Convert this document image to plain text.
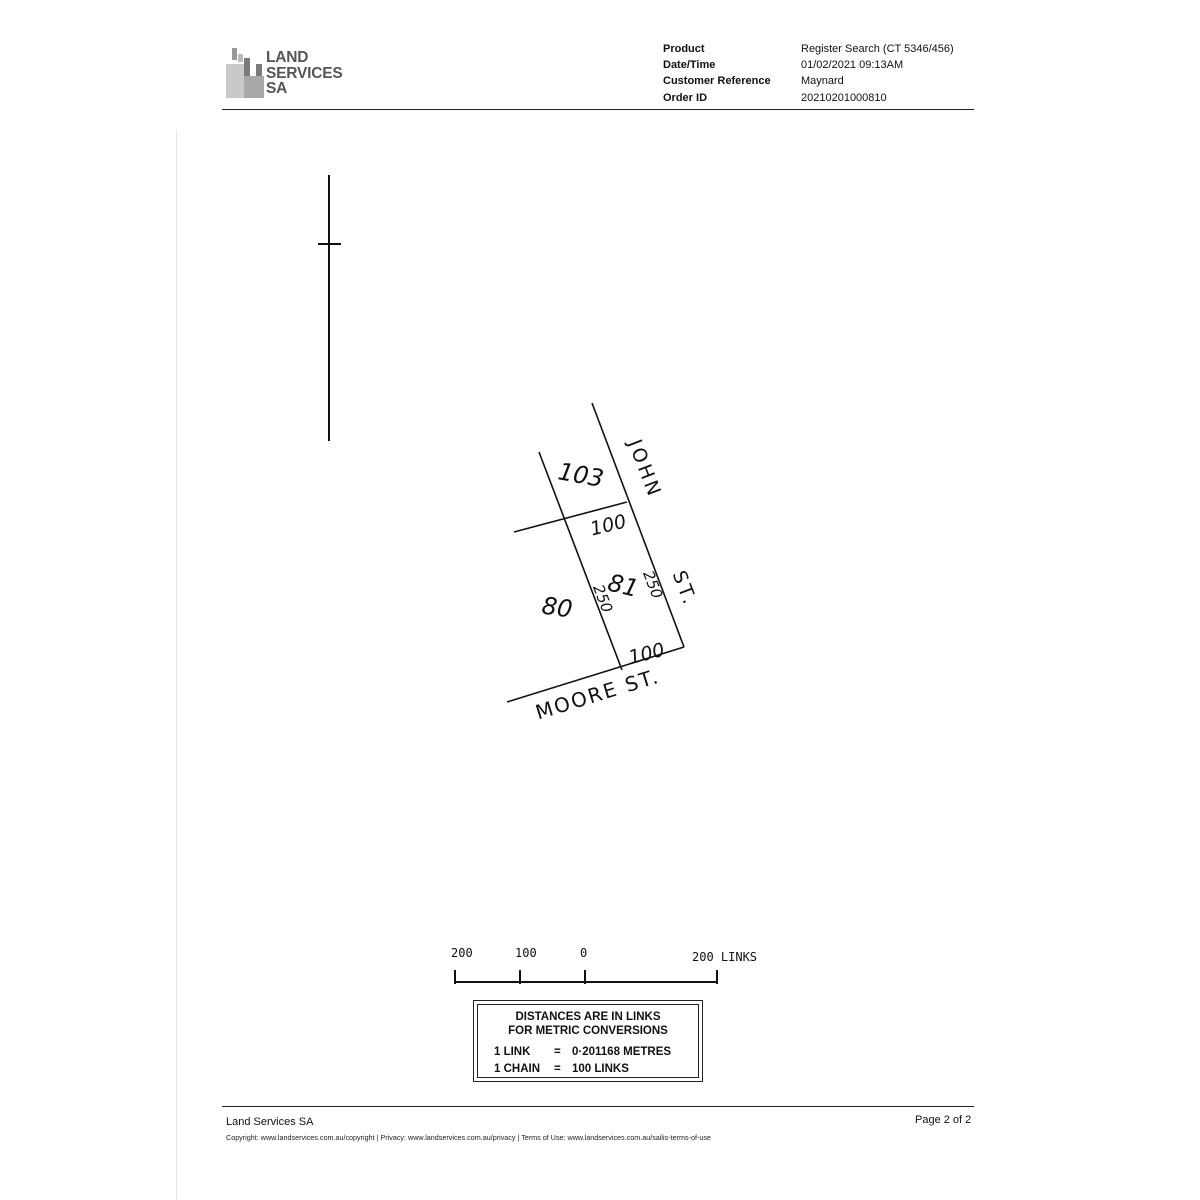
LAND
SERVICES
SA
Product	Register Search (CT 5346/456)
Date/Time	01/02/2021 09:13AM
Customer Reference	Maynard
Order ID	20210201000810
103
100
81
250 250
80
100
JOHN
ST.
MOORE ST.
200	100	0	200 LINKS
DISTANCES ARE IN LINKS
FOR METRIC CONVERSIONS
1 LINK = 0·201168 METRES
1 CHAIN = 100 LINKS
Land Services SA	Page 2 of 2
Copyright: www.landservices.com.au/copyright | Privacy: www.landservices.com.au/privacy | Terms of Use: www.landservices.com.au/sailis-terms-of-use
